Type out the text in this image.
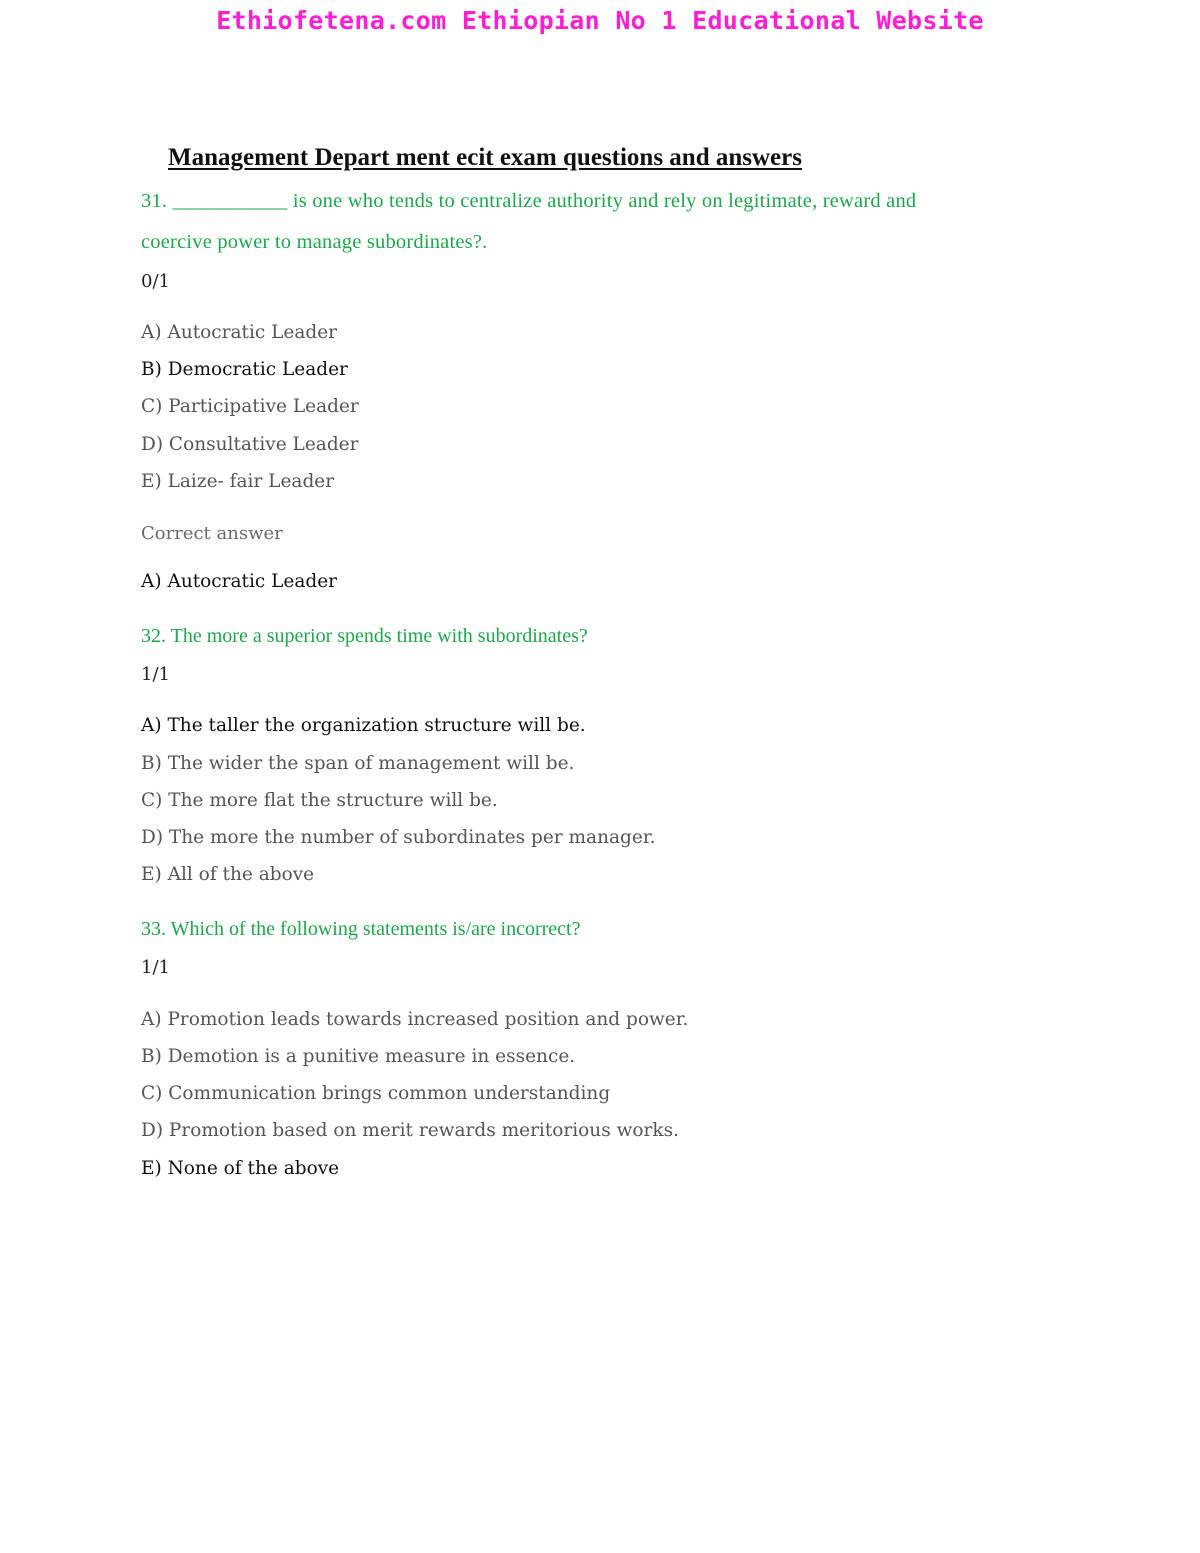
Ethiofetena.com Ethiopian No 1 Educational Website
Management Depart ment ecit exam questions and answers
31. ___________ is one who tends to centralize authority and rely on legitimate, reward and
coercive power to manage subordinates?.
0/1
A) Autocratic Leader
B) Democratic Leader
C) Participative Leader
D) Consultative Leader
E) Laize- fair Leader
Correct answer
A) Autocratic Leader
32. The more a superior spends time with subordinates?
1/1
A) The taller the organization structure will be.
B) The wider the span of management will be.
C) The more flat the structure will be.
D) The more the number of subordinates per manager.
E) All of the above
33. Which of the following statements is/are incorrect?
1/1
A) Promotion leads towards increased position and power.
B) Demotion is a punitive measure in essence.
C) Communication brings common understanding
D) Promotion based on merit rewards meritorious works.
E) None of the above
